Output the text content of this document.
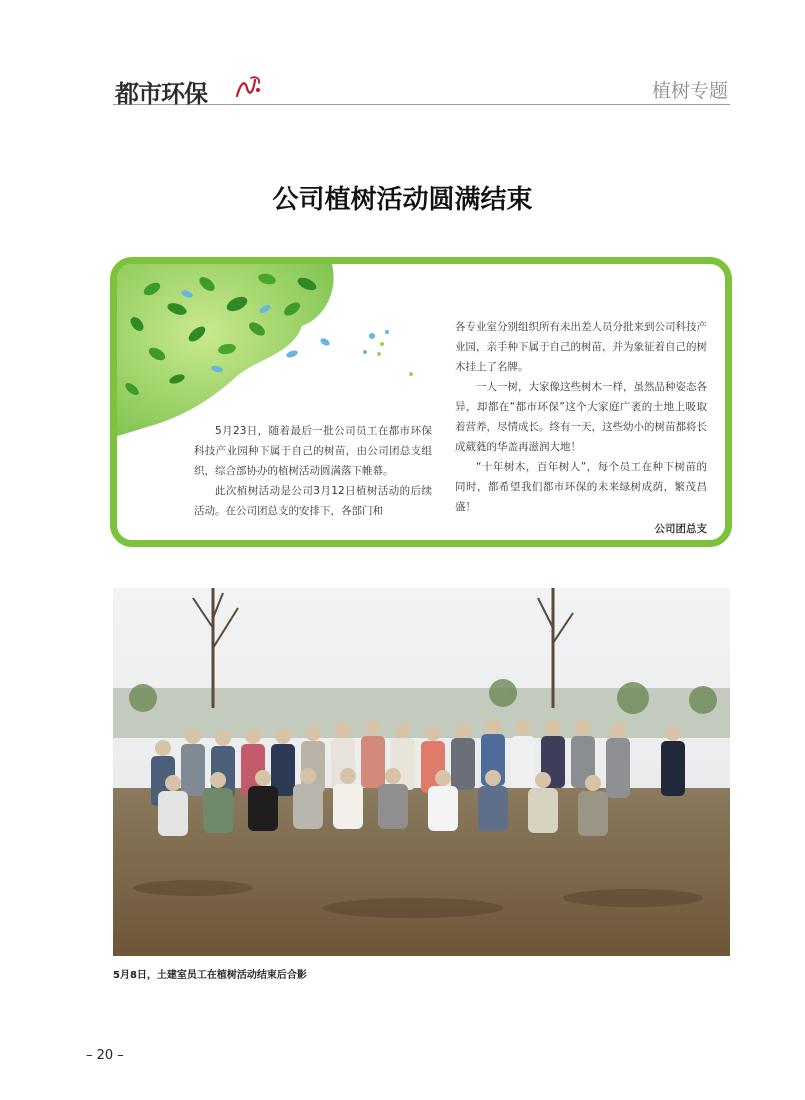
都市环保	植树专题
公司植树活动圆满结束

5月23日，随着最后一批公司员工在都市环保科技产业园种下属于自己的树苗，由公司团总支组织，综合部协办的植树活动圆满落下帷幕。

此次植树活动是公司3月12日植树活动的后续活动。在公司团总支的安排下，各部门和

各专业室分别组织所有未出差人员分批来到公司科技产业园，亲手种下属于自己的树苗，并为象征着自己的树木挂上了名牌。

一人一树，大家像这些树木一样，虽然品种姿态各异，却都在“都市环保”这个大家庭广袤的土地上吸取着营养，尽情成长。终有一天，这些幼小的树苗都将长成葳蕤的华盖再滋润大地！

“十年树木，百年树人”，每个员工在种下树苗的同时，都希望我们都市环保的未来绿树成荫，繁茂昌盛！

公司团总支

5月8日，土建室员工在植树活动结束后合影
– 20 –
